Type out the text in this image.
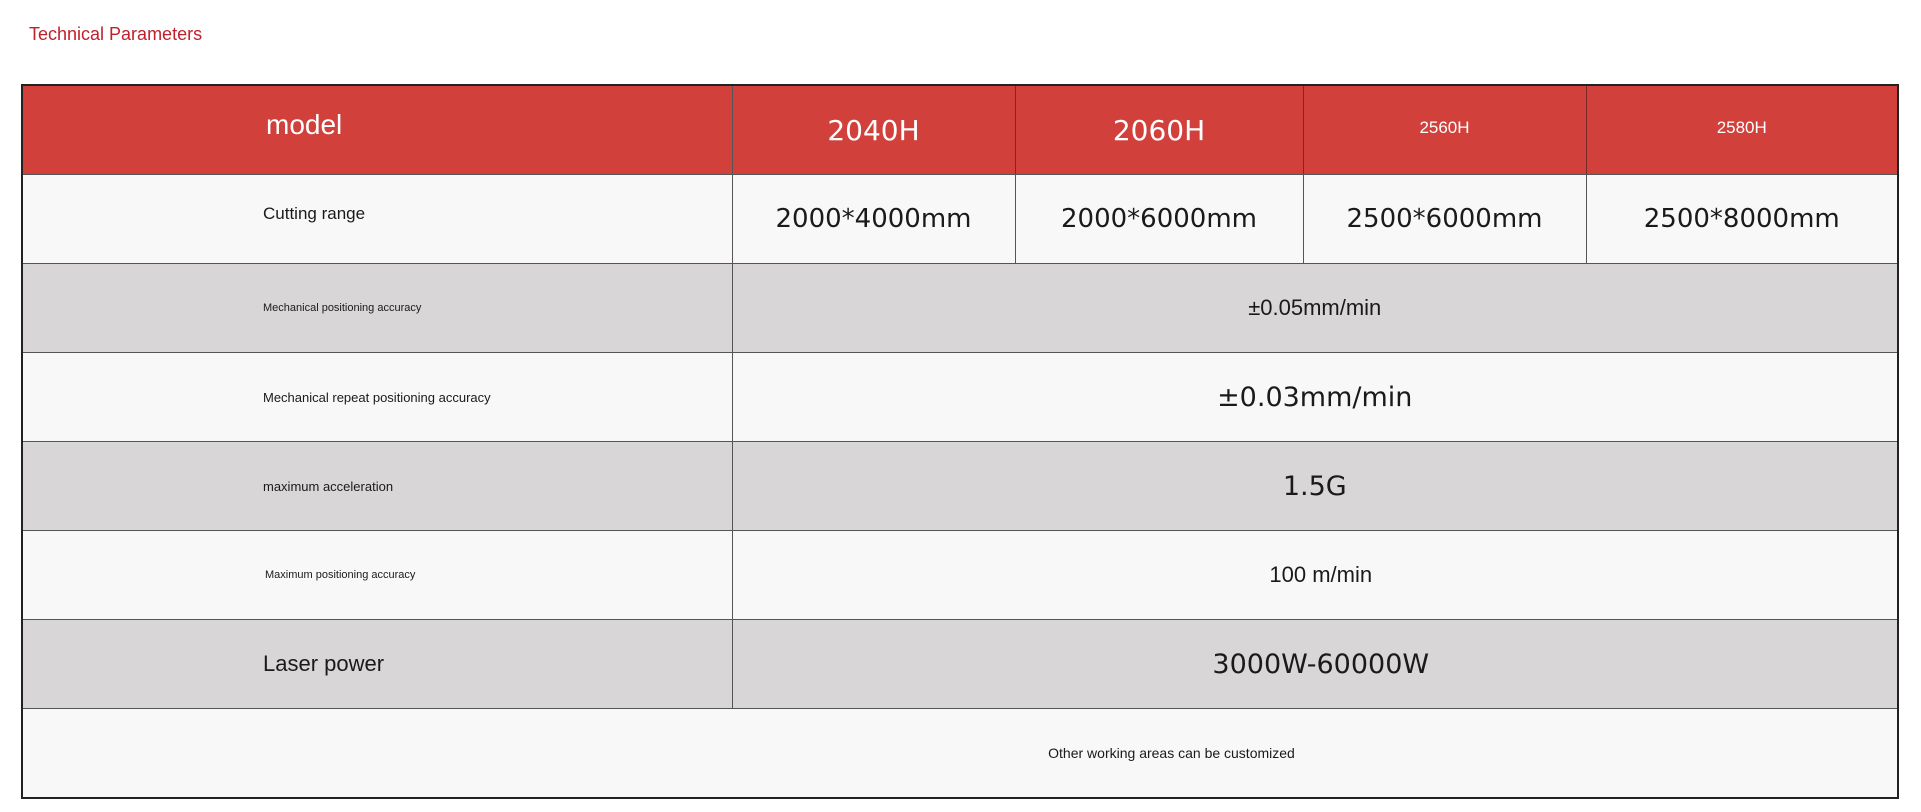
Technical Parameters
model	2040H	2060H	2560H	2580H

Cutting range	2000*4000mm	2000*6000mm	2500*6000mm	2500*8000mm

Mechanical positioning accuracy	±0.05mm/min			

Mechanical repeat positioning accuracy	±0.03mm/min			

maximum acceleration	1.5G			

Maximum positioning accuracy	100 m/min			

Laser power	3000W-60000W			

Other working areas can be customized				
